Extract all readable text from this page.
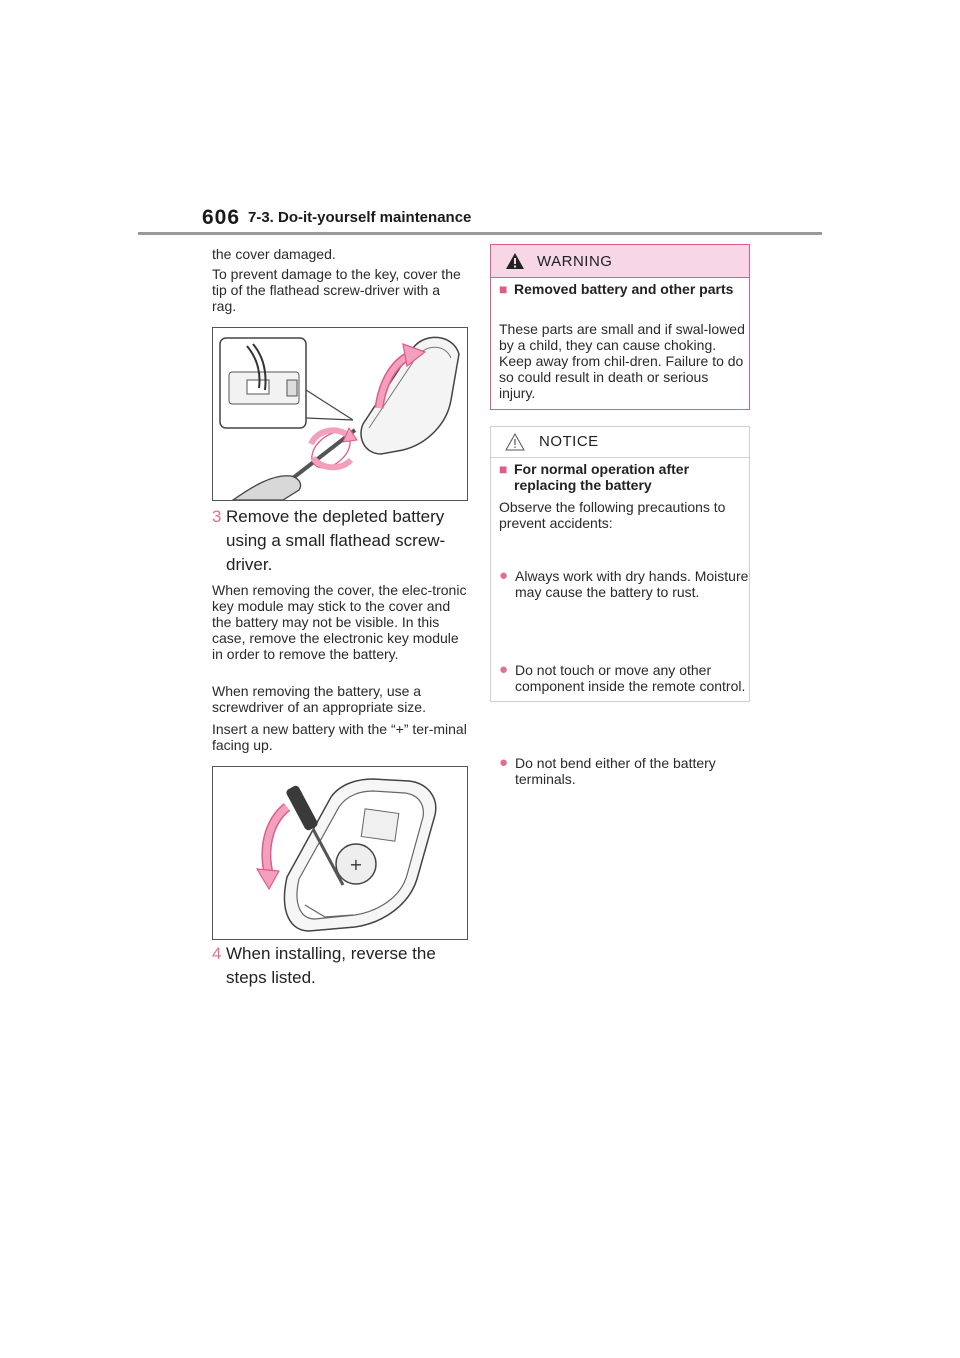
606 7-3. Do-it-yourself maintenance

the cover damaged.

To prevent damage to the key, cover the tip of the flathead screw-driver with a rag.

3 Remove the depleted battery using a small flathead screw-driver.

When removing the cover, the elec-tronic key module may stick to the cover and the battery may not be visible. In this case, remove the electronic key module in order to remove the battery.

When removing the battery, use a screwdriver of an appropriate size.

Insert a new battery with the “+” ter-minal facing up.

+
4 When installing, reverse the steps listed.
WARNING
■ Removed battery and other parts

These parts are small and if swal-lowed by a child, they can cause choking. Keep away from chil-dren. Failure to do so could result in death or serious injury.

NOTICE
■ For normal operation after replacing the battery

Observe the following precautions to prevent accidents:

● Always work with dry hands. Moisture may cause the battery to rust.
● Do not touch or move any other component inside the remote control.
● Do not bend either of the battery terminals.
